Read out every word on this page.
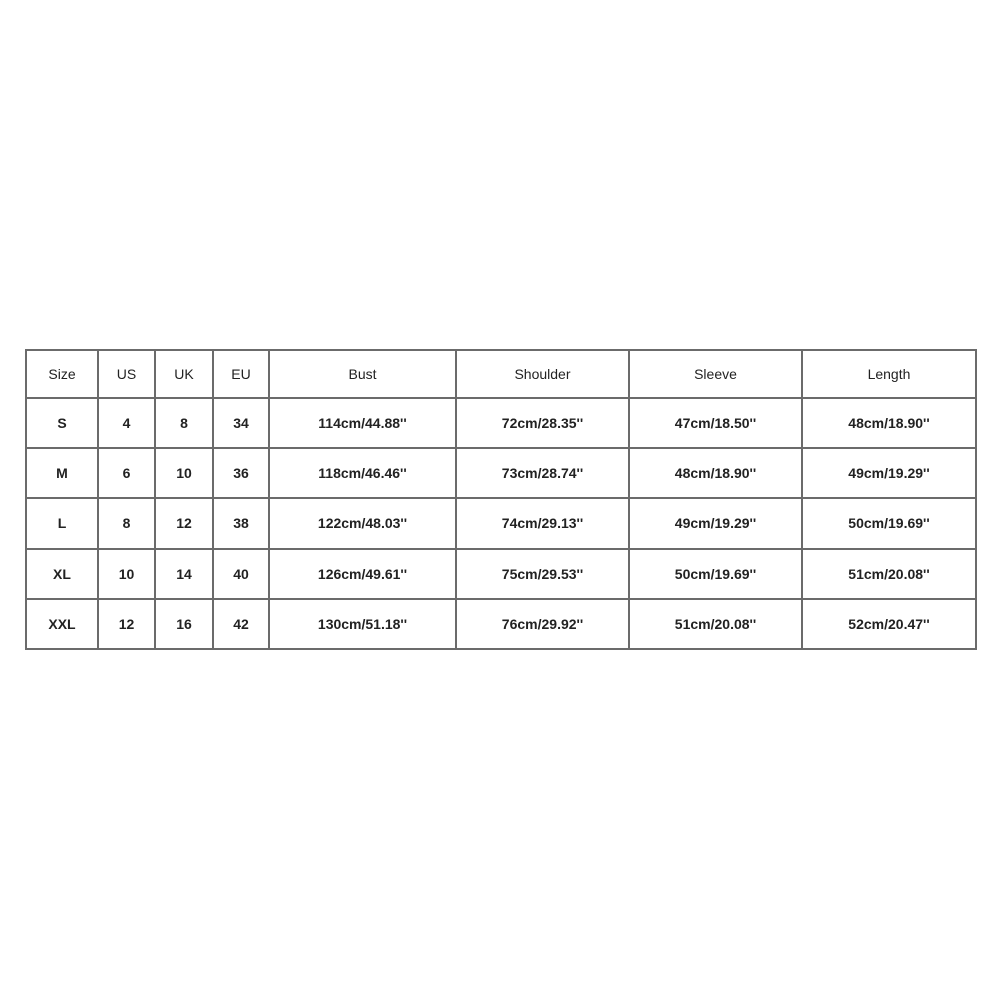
Size	US	UK	EU	Bust	Shoulder	Sleeve	Length
S	4	8	34	114cm/44.88''	72cm/28.35''	47cm/18.50''	48cm/18.90''
M	6	10	36	118cm/46.46''	73cm/28.74''	48cm/18.90''	49cm/19.29''
L	8	12	38	122cm/48.03''	74cm/29.13''	49cm/19.29''	50cm/19.69''
XL	10	14	40	126cm/49.61''	75cm/29.53''	50cm/19.69''	51cm/20.08''
XXL	12	16	42	130cm/51.18''	76cm/29.92''	51cm/20.08''	52cm/20.47''
